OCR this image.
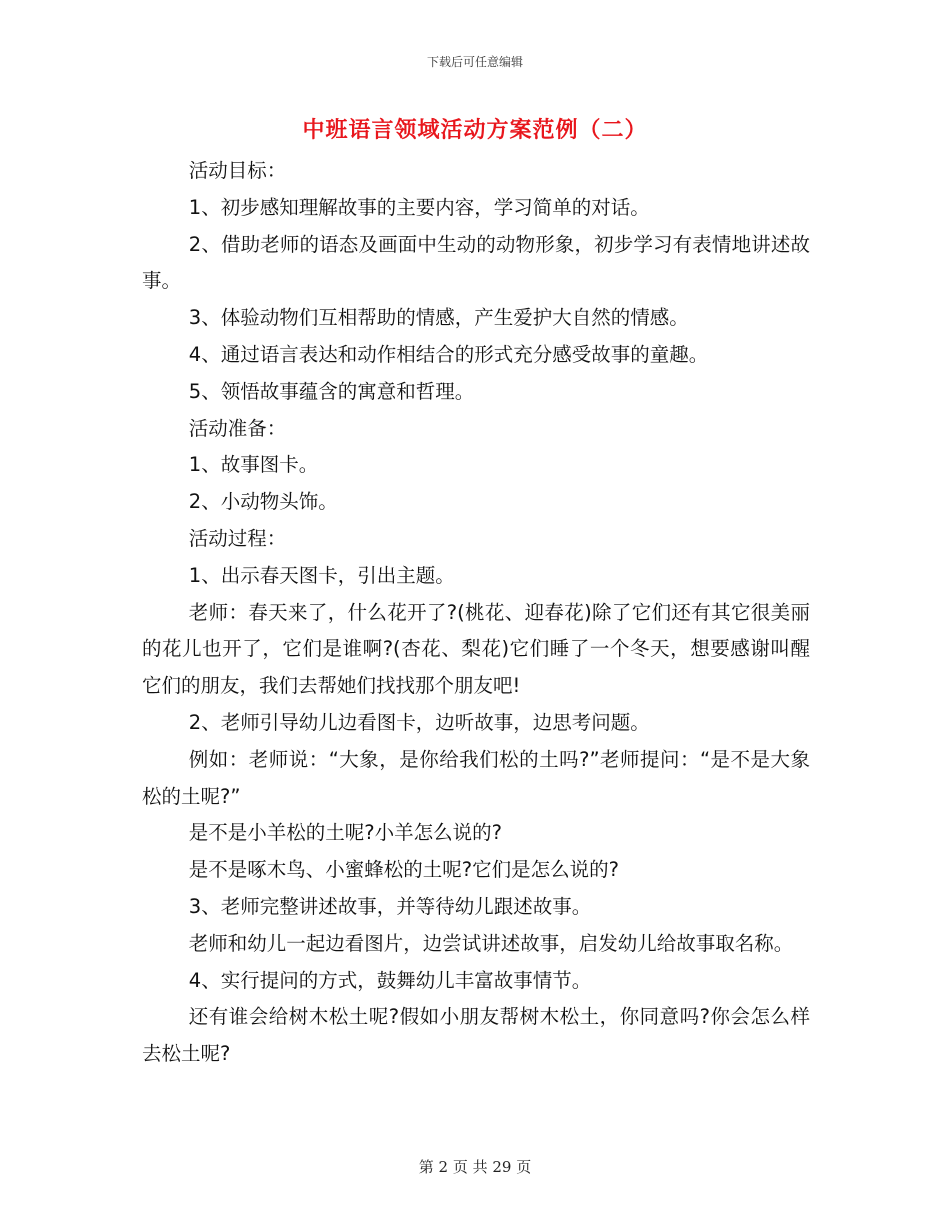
下载后可任意编辑
中班语言领域活动方案范例（二）

活动目标：

1、初步感知理解故事的主要内容，学习简单的对话。

2、借助老师的语态及画面中生动的动物形象，初步学习有表情地讲述故事。

3、体验动物们互相帮助的情感，产生爱护大自然的情感。

4、通过语言表达和动作相结合的形式充分感受故事的童趣。

5、领悟故事蕴含的寓意和哲理。

活动准备：

1、故事图卡。

2、小动物头饰。

活动过程：

1、出示春天图卡，引出主题。

老师：春天来了，什么花开了?(桃花、迎春花)除了它们还有其它很美丽的花儿也开了，它们是谁啊?(杏花、梨花)它们睡了一个冬天，想要感谢叫醒它们的朋友，我们去帮她们找找那个朋友吧!

2、老师引导幼儿边看图卡，边听故事，边思考问题。

例如：老师说：“大象，是你给我们松的土吗?”老师提问：“是不是大象松的土呢?”

是不是小羊松的土呢?小羊怎么说的?

是不是啄木鸟、小蜜蜂松的土呢?它们是怎么说的?

3、老师完整讲述故事，并等待幼儿跟述故事。

老师和幼儿一起边看图片，边尝试讲述故事，启发幼儿给故事取名称。

4、实行提问的方式，鼓舞幼儿丰富故事情节。

还有谁会给树木松土呢?假如小朋友帮树木松土，你同意吗?你会怎么样去松土呢?

第 2 页 共 29 页
